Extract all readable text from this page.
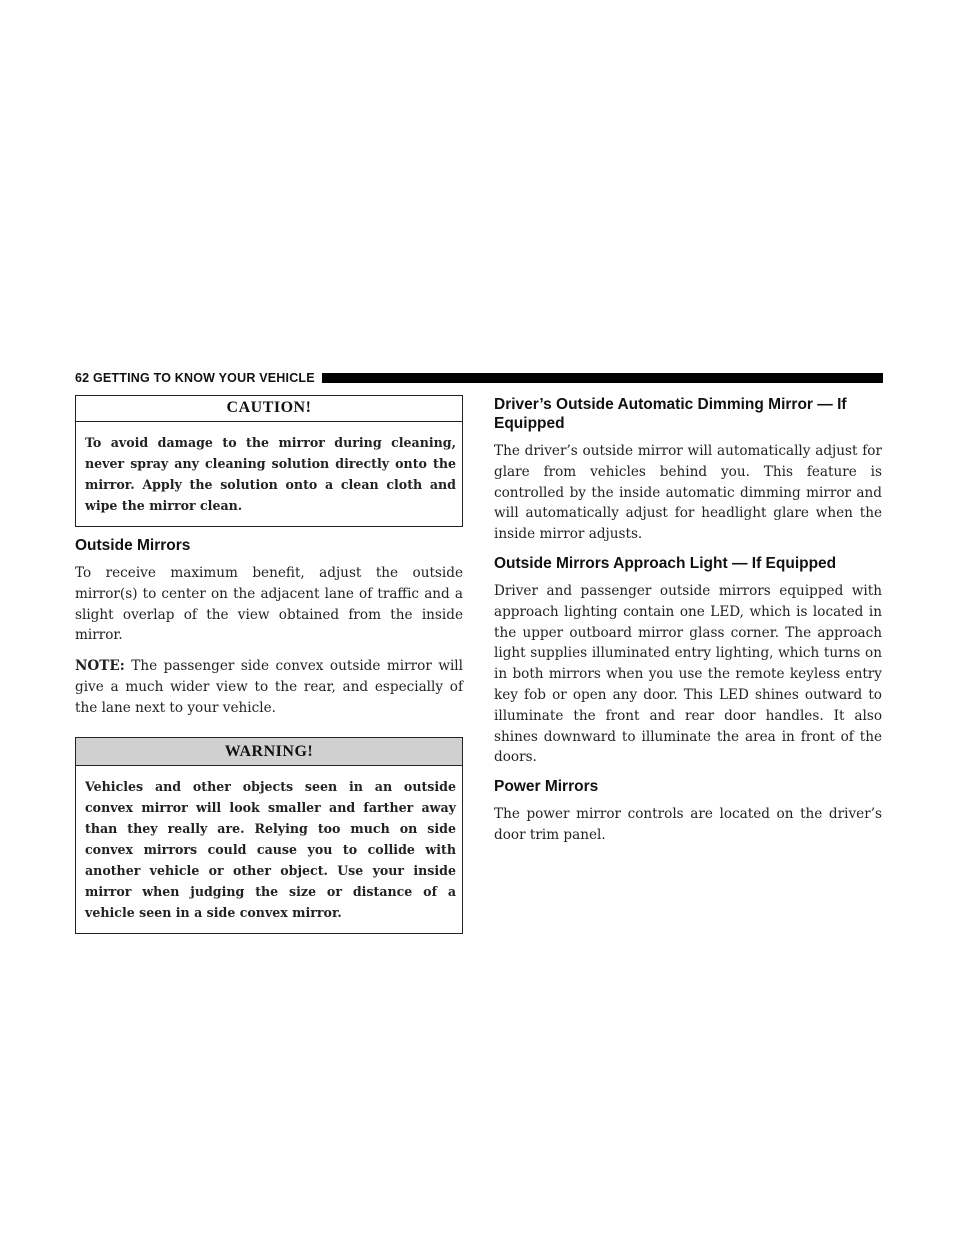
62 GETTING TO KNOW YOUR VEHICLE
CAUTION!
To avoid damage to the mirror during cleaning, never spray any cleaning solution directly onto the mirror. Apply the solution onto a clean cloth and wipe the mirror clean.
Outside Mirrors

To receive maximum benefit, adjust the outside mirror(s) to center on the adjacent lane of traffic and a slight overlap of the view obtained from the inside mirror.

NOTE: The passenger side convex outside mirror will give a much wider view to the rear, and especially of the lane next to your vehicle.

WARNING!
Vehicles and other objects seen in an outside convex mirror will look smaller and farther away than they really are. Relying too much on side convex mirrors could cause you to collide with another vehicle or other object. Use your inside mirror when judging the size or distance of a vehicle seen in a side convex mirror.
Driver’s Outside Automatic Dimming Mirror — If Equipped

The driver’s outside mirror will automatically adjust for glare from vehicles behind you. This feature is controlled by the inside automatic dimming mirror and will automatically adjust for headlight glare when the inside mirror adjusts.

Outside Mirrors Approach Light — If Equipped

Driver and passenger outside mirrors equipped with approach lighting contain one LED, which is located in the upper outboard mirror glass corner. The approach light supplies illuminated entry lighting, which turns on in both mirrors when you use the remote keyless entry key fob or open any door. This LED shines outward to illuminate the front and rear door handles. It also shines downward to illuminate the area in front of the doors.

Power Mirrors

The power mirror controls are located on the driver’s door trim panel.
